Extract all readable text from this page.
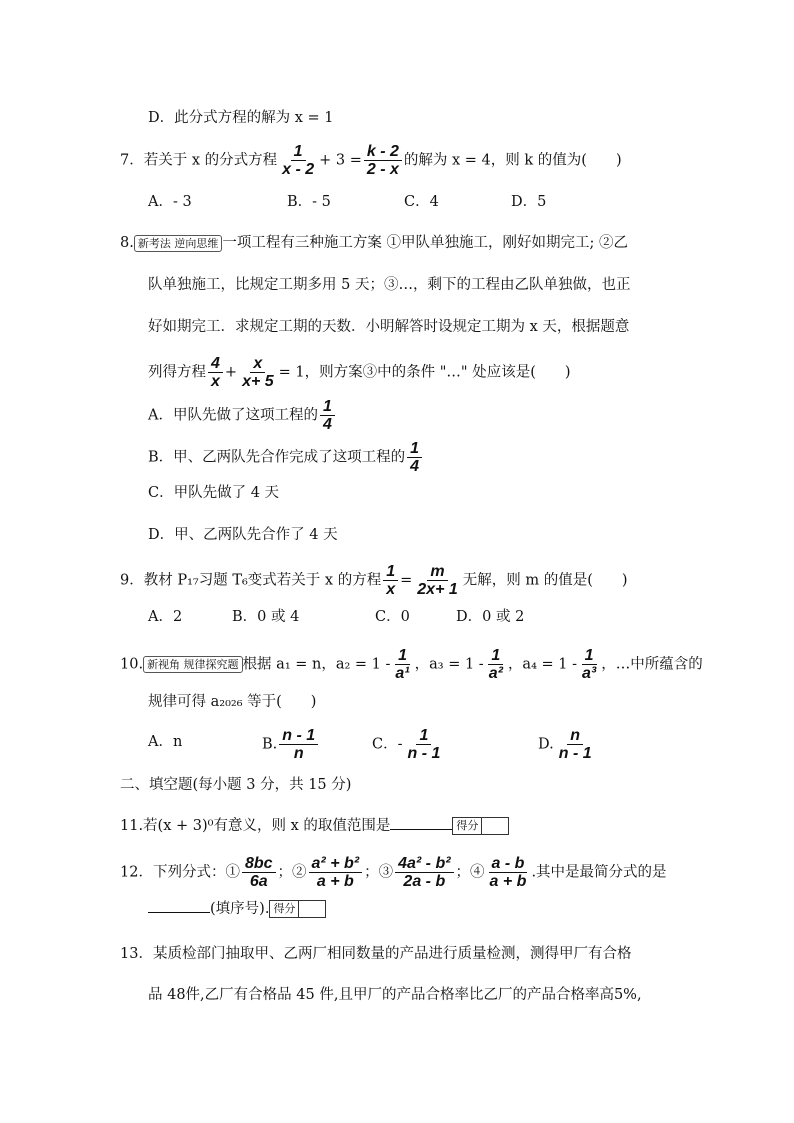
D．此分式方程的解为 x = 1
7．若关于 x 的分式方程 $\frac{1}{x - 2} + 3 = \frac{k - 2}{2 - x}$ 的解为 x = 4，则 k 的值为(　　)
A．- 3	B．- 5	C．4	D．5
8. 新考法 逆向思维 一项工程有三种施工方案 ①甲队单独施工，刚好如期完工; ②乙
队单独施工，比规定工期多用 5 天；③…，剩下的工程由乙队单独做，也正
好如期完工．求规定工期的天数．小明解答时设规定工期为 x 天，根据题意
列得方程 $\frac{4}{x} + \frac{x}{x+ 5} = 1$，则方案③中的条件 "…" 处应该是(　　)
A．甲队先做了这项工程的 $\frac{1}{4}$
B．甲、乙两队先合作完成了这项工程的 $\frac{1}{4}$
C．甲队先做了 4 天
D．甲、乙两队先合作了 4 天
9．教材 P₁₇习题 T₆变式若关于 x 的方程 $\frac{1}{x} = \frac{m}{2x+ 1}$ 无解，则 m 的值是(　　)
A．2	B．0 或 4	C．0	D．0 或 2
10. 新视角 规律探究题 根据 a₁ = n，$a_2 = 1 - \frac{1}{\text{a¹}}$ ，$a_3 = 1 - \frac{1}{\text{a²}}$ ，$a_4 = 1 - \frac{1}{\text{a³}}$ ，…中所蕴含的
规律可得 a₂₀₂₆ 等于(　　)
A．n	B. $\frac{n - 1}{n}$	C．- $\frac{1}{n - 1}$	D. $\frac{n}{n - 1}$
二、填空题(每小题 3 分，共 15 分)
11.若(x + 3)⁰有意义，则 x 的取值范围是	得分
12．下列分式：① $\frac{8bc}{6a}$ ；② $\frac{\text{a² + b²}}{a + b}$ ；③ $\frac{\text{4a² - b²}}{2a - b}$ ；④ $\frac{a - b}{a + b}$ .其中是最简分式的是
(填序号). 得分
13．某质检部门抽取甲、乙两厂相同数量的产品进行质量检测，测得甲厂有合格
品 48件,乙厂有合格品 45 件,且甲厂的产品合格率比乙厂的产品合格率高5%,
